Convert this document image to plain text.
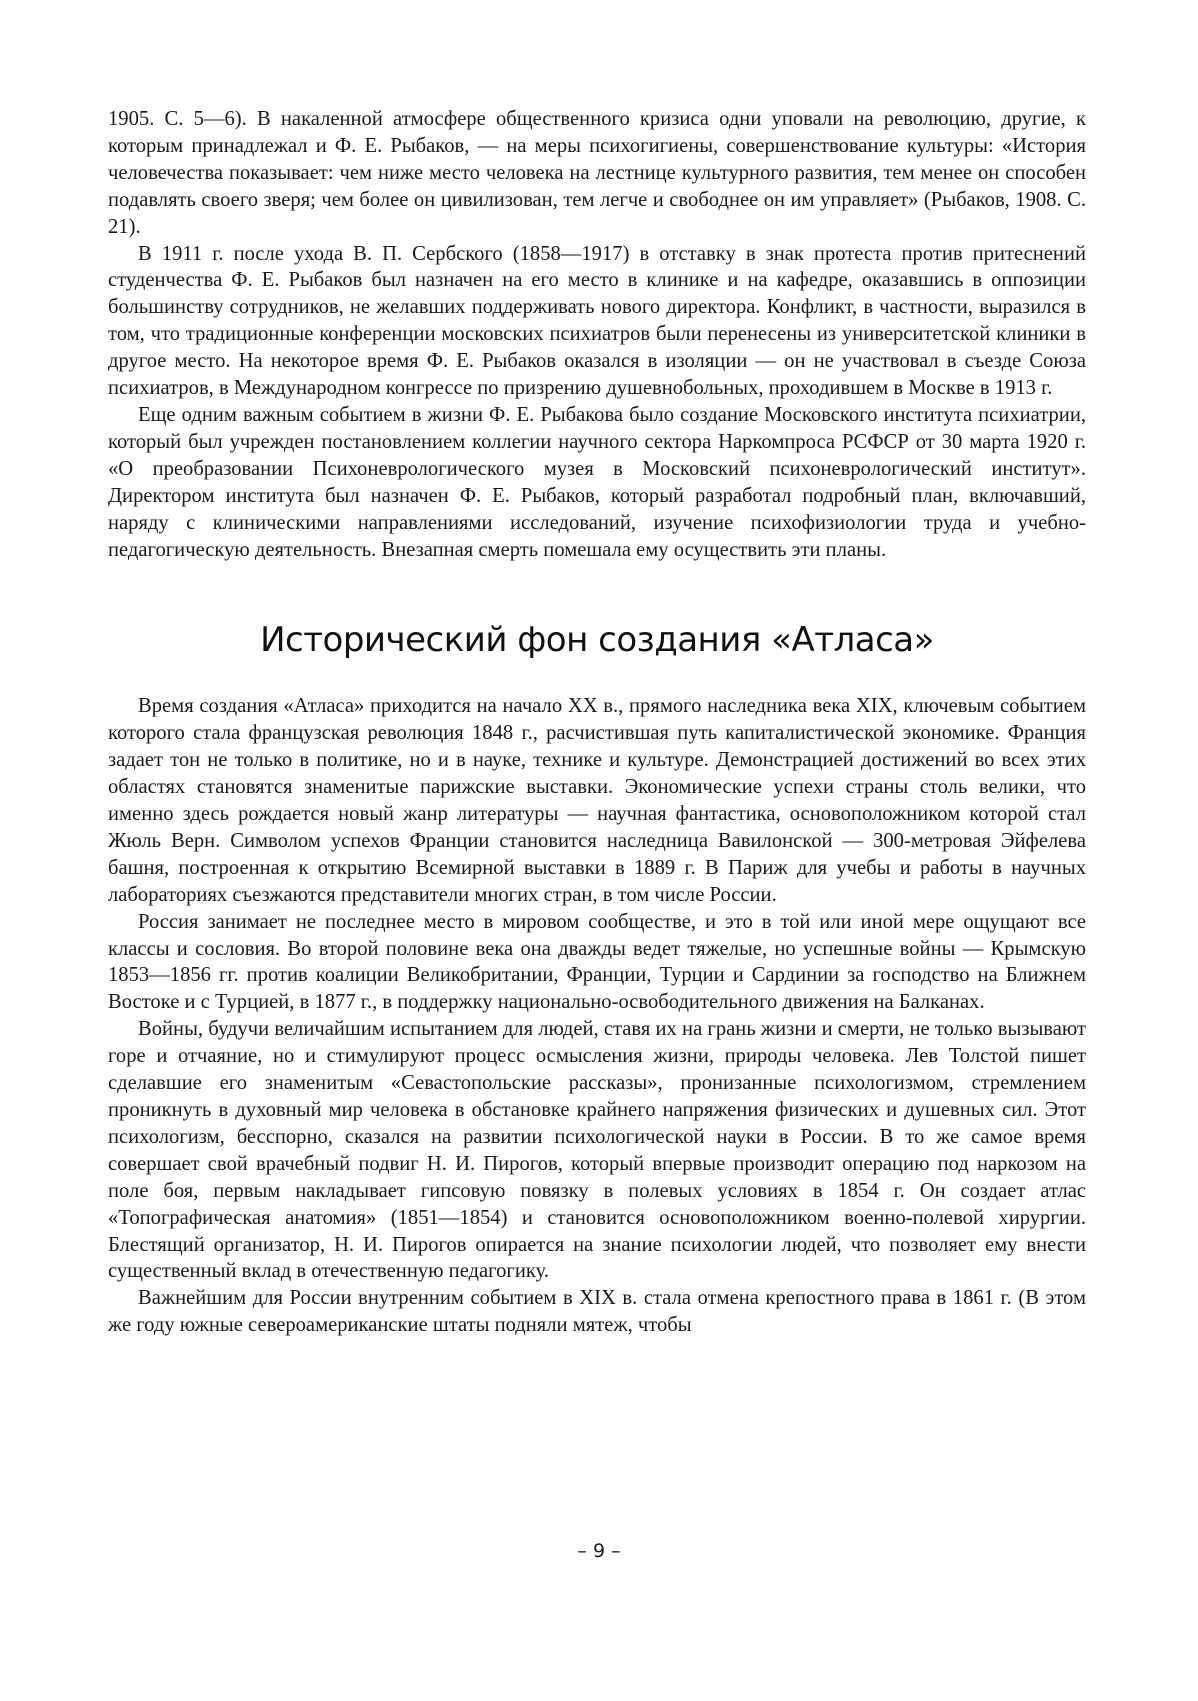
1905. С. 5—6). В накаленной атмосфере общественного кризиса одни уповали на революцию, другие, к которым принадлежал и Ф. Е. Рыбаков, — на меры психогигиены, совершенствование культуры: «История человечества показывает: чем ниже место человека на лестнице культурного развития, тем менее он способен подавлять своего зверя; чем более он цивилизован, тем легче и свободнее он им управляет» (Рыбаков, 1908. С. 21).

В 1911 г. после ухода В. П. Сербского (1858—1917) в отставку в знак протеста против притеснений студенчества Ф. Е. Рыбаков был назначен на его место в клинике и на кафедре, оказавшись в оппозиции большинству сотрудников, не желавших поддерживать нового директора. Конфликт, в частности, выразился в том, что традиционные конференции московских психиатров были перенесены из университетской клиники в другое место. На некоторое время Ф. Е. Рыбаков оказался в изоляции — он не участвовал в съезде Союза психиатров, в Международном конгрессе по призрению душевнобольных, проходившем в Москве в 1913 г.

Еще одним важным событием в жизни Ф. Е. Рыбакова было создание Московского института психиатрии, который был учрежден постановлением коллегии научного сектора Наркомпроса РСФСР от 30 марта 1920 г. «О преобразовании Психоневрологического музея в Московский психоневрологический институт». Директором института был назначен Ф. Е. Рыбаков, который разработал подробный план, включавший, наряду с клиническими направлениями исследований, изучение психофизиологии труда и учебно-педагогическую деятельность. Внезапная смерть помешала ему осуществить эти планы.

Исторический фон создания «Атласа»

Время создания «Атласа» приходится на начало XX в., прямого наследника века XIX, ключевым событием которого стала французская революция 1848 г., расчистившая путь капиталистической экономике. Франция задает тон не только в политике, но и в науке, технике и культуре. Демонстрацией достижений во всех этих областях становятся знаменитые парижские выставки. Экономические успехи страны столь велики, что именно здесь рождается новый жанр литературы — научная фантастика, основоположником которой стал Жюль Верн. Символом успехов Франции становится наследница Вавилонской — 300-метровая Эйфелева башня, построенная к открытию Всемирной выставки в 1889 г. В Париж для учебы и работы в научных лабораториях съезжаются представители многих стран, в том числе России.

Россия занимает не последнее место в мировом сообществе, и это в той или иной мере ощущают все классы и сословия. Во второй половине века она дважды ведет тяжелые, но успешные войны — Крымскую 1853—1856 гг. против коалиции Великобритании, Франции, Турции и Сардинии за господство на Ближнем Востоке и с Турцией, в 1877 г., в поддержку национально-освободительного движения на Балканах.

Войны, будучи величайшим испытанием для людей, ставя их на грань жизни и смерти, не только вызывают горе и отчаяние, но и стимулируют процесс осмысления жизни, природы человека. Лев Толстой пишет сделавшие его знаменитым «Севастопольские рассказы», пронизанные психологизмом, стремлением проникнуть в духовный мир человека в обстановке крайнего напряжения физических и душевных сил. Этот психологизм, бесспорно, сказался на развитии психологической науки в России. В то же самое время совершает свой врачебный подвиг Н. И. Пирогов, который впервые производит операцию под наркозом на поле боя, первым накладывает гипсовую повязку в полевых условиях в 1854 г. Он создает атлас «Топографическая анатомия» (1851—1854) и становится основоположником военно-полевой хирургии. Блестящий организатор, Н. И. Пирогов опирается на знание психологии людей, что позволяет ему внести существенный вклад в отечественную педагогику.

Важнейшим для России внутренним событием в XIX в. стала отмена крепостного права в 1861 г. (В этом же году южные североамериканские штаты подняли мятеж, чтобы

– 9 –
